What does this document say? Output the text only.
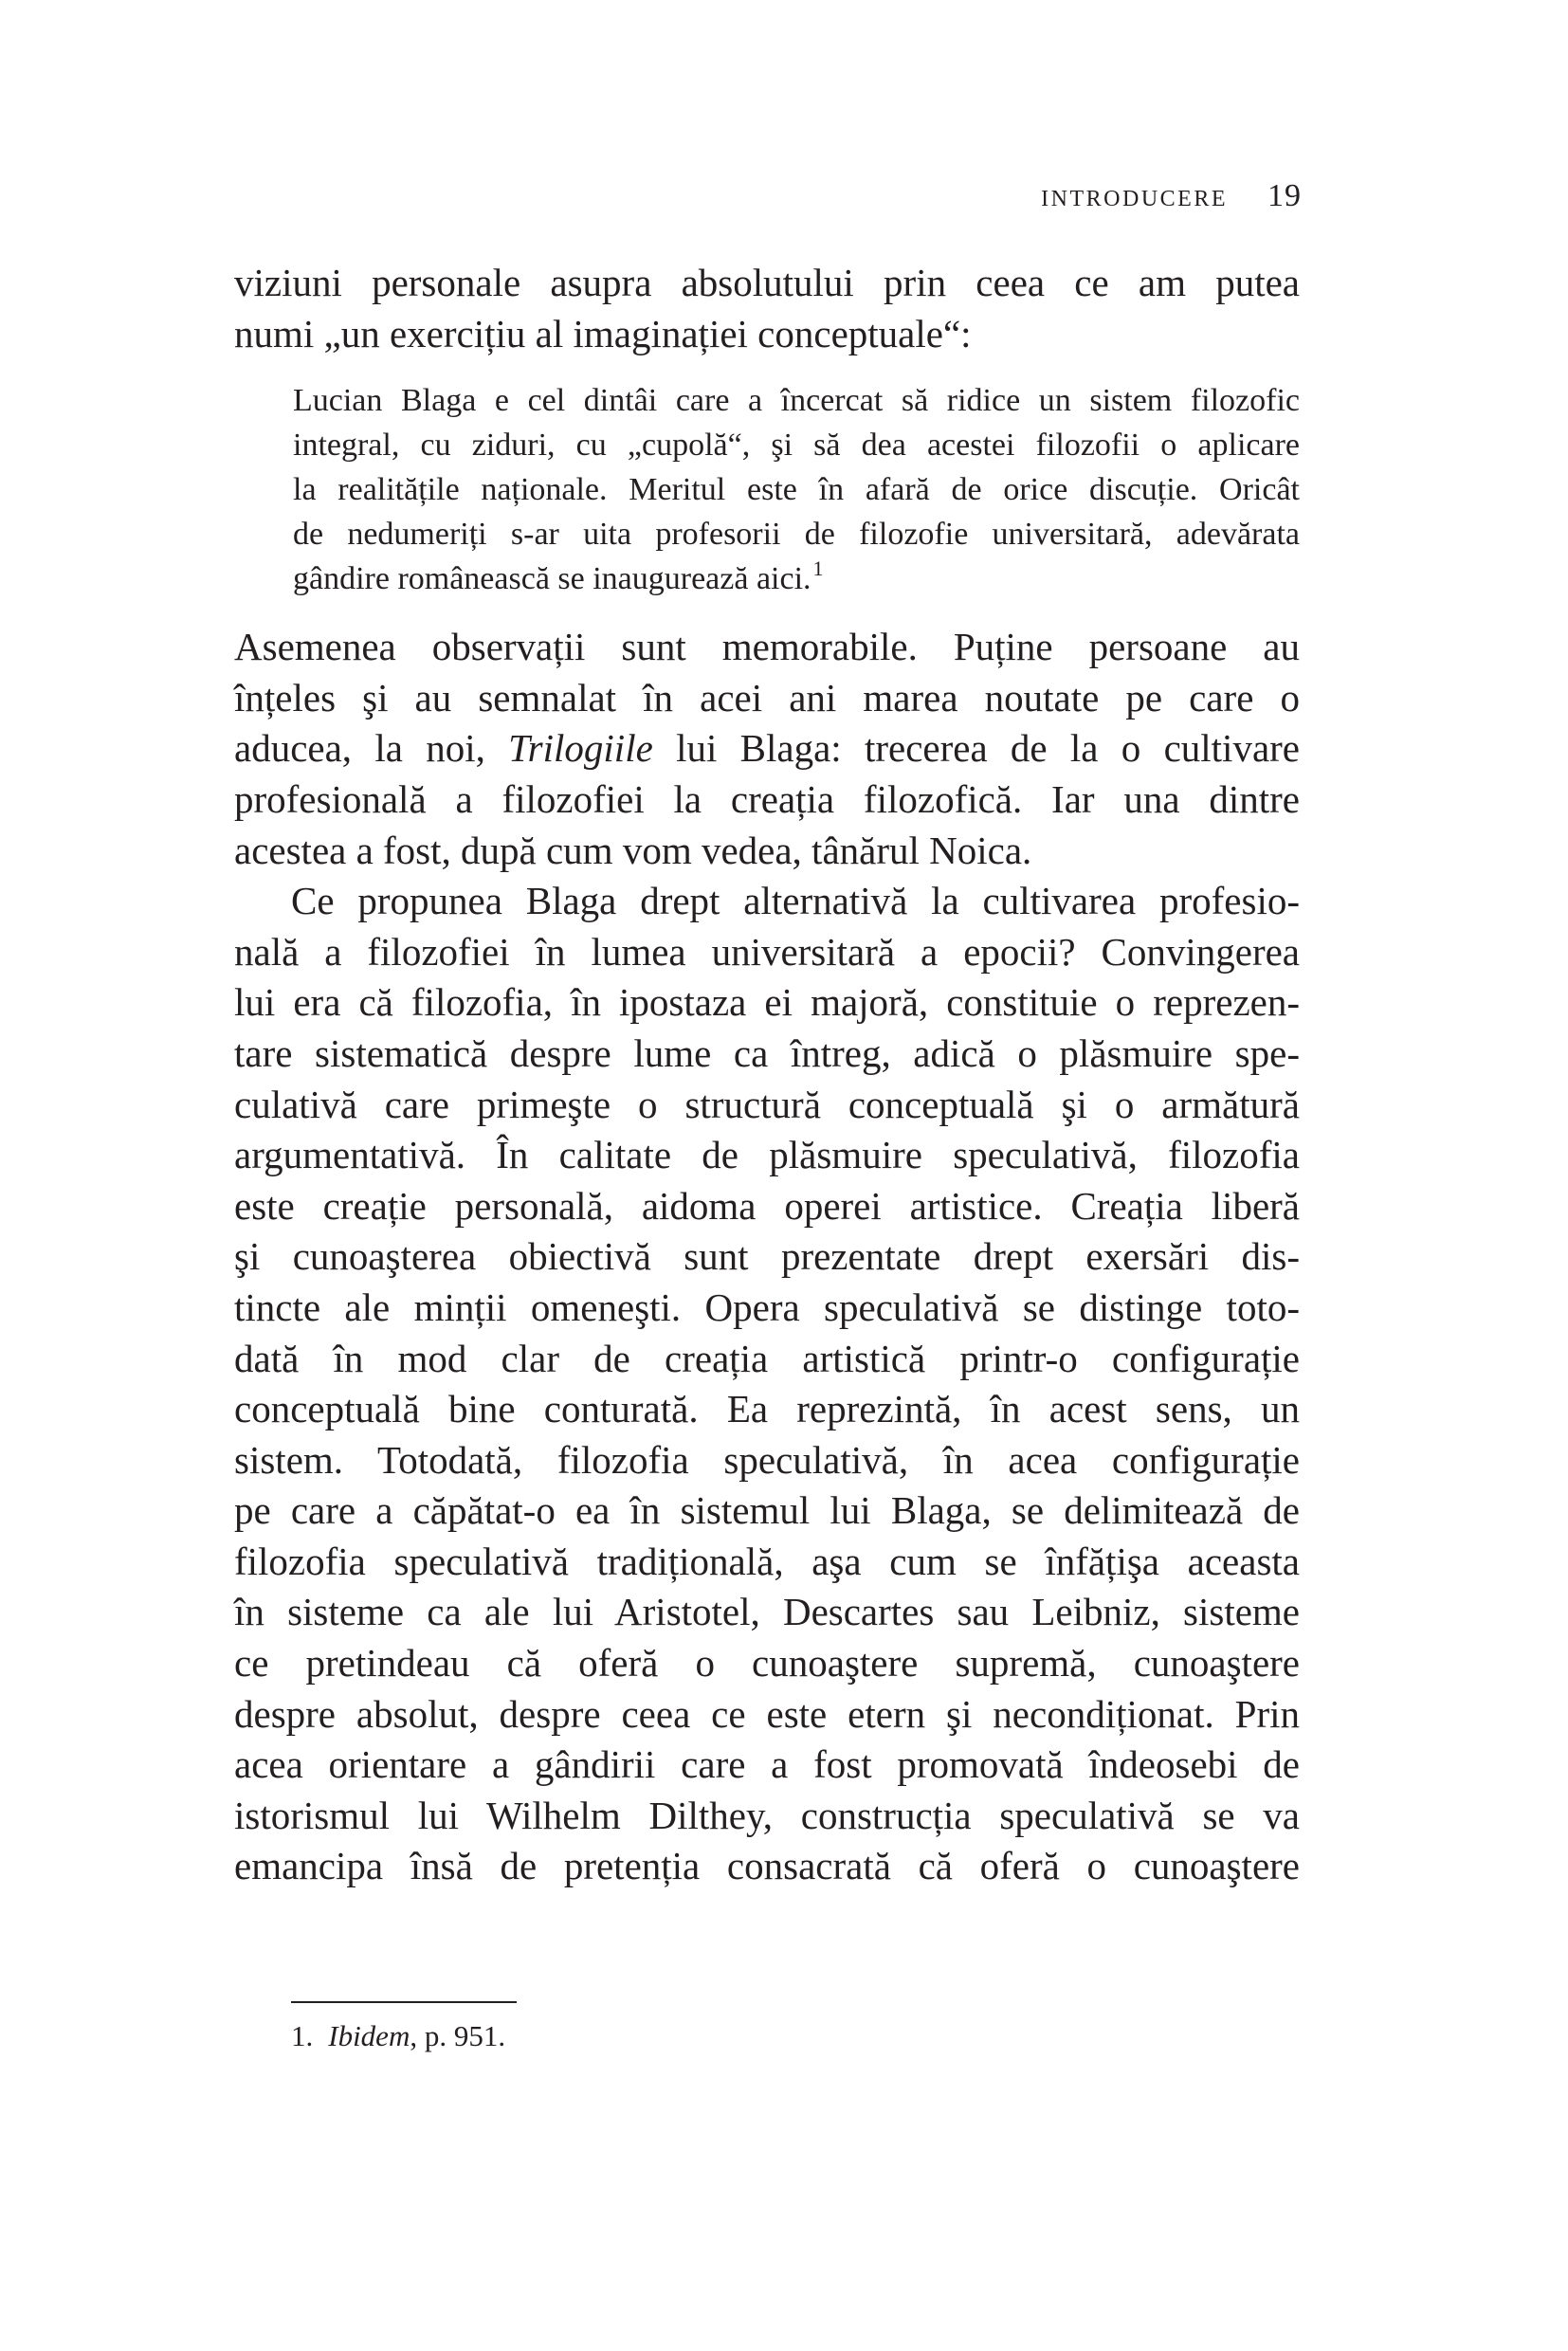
introducere 19
viziuni personale asupra absolutului prin ceea ce am putea
numi „un exercițiu al imaginației conceptuale“:
Lucian Blaga e cel dintâi care a încercat să ridice un sistem filozofic
integral, cu ziduri, cu „cupolă“, şi să dea acestei filozofii o aplicare
la realitățile naționale. Meritul este în afară de orice discuție. Oricât
de nedumeriți s-ar uita profesorii de filozofie universitară, adevărata
gândire românească se inaugurează aici.$^1$
Asemenea observații sunt memorabile. Puține persoane au
înțeles şi au semnalat în acei ani marea noutate pe care o
aducea, la noi, Trilogiile lui Blaga: trecerea de la o cultivare
profesională a filozofiei la creația filozofică. Iar una dintre
acestea a fost, după cum vom vedea, tânărul Noica.
Ce propunea Blaga drept alternativă la cultivarea profesio-
nală a filozofiei în lumea universitară a epocii? Convingerea
lui era că filozofia, în ipostaza ei majoră, constituie o reprezen-
tare sistematică despre lume ca întreg, adică o plăsmuire spe-
culativă care primeşte o structură conceptuală şi o armătură
argumentativă. În calitate de plăsmuire speculativă, filozofia
este creație personală, aidoma operei artistice. Creația liberă
şi cunoaşterea obiectivă sunt prezentate drept exersări dis-
tincte ale minții omeneşti. Opera speculativă se distinge toto-
dată în mod clar de creația artistică printr-o configurație
conceptuală bine conturată. Ea reprezintă, în acest sens, un
sistem. Totodată, filozofia speculativă, în acea configurație
pe care a căpătat-o ea în sistemul lui Blaga, se delimitează de
filozofia speculativă tradițională, aşa cum se înfățişa aceasta
în sisteme ca ale lui Aristotel, Descartes sau Leibniz, sisteme
ce pretindeau că oferă o cunoaştere supremă, cunoaştere
despre absolut, despre ceea ce este etern şi necondiționat. Prin
acea orientare a gândirii care a fost promovată îndeosebi de
istorismul lui Wilhelm Dilthey, construcția speculativă se va
emancipa însă de pretenția consacrată că oferă o cunoaştere
1. Ibidem, p. 951.
